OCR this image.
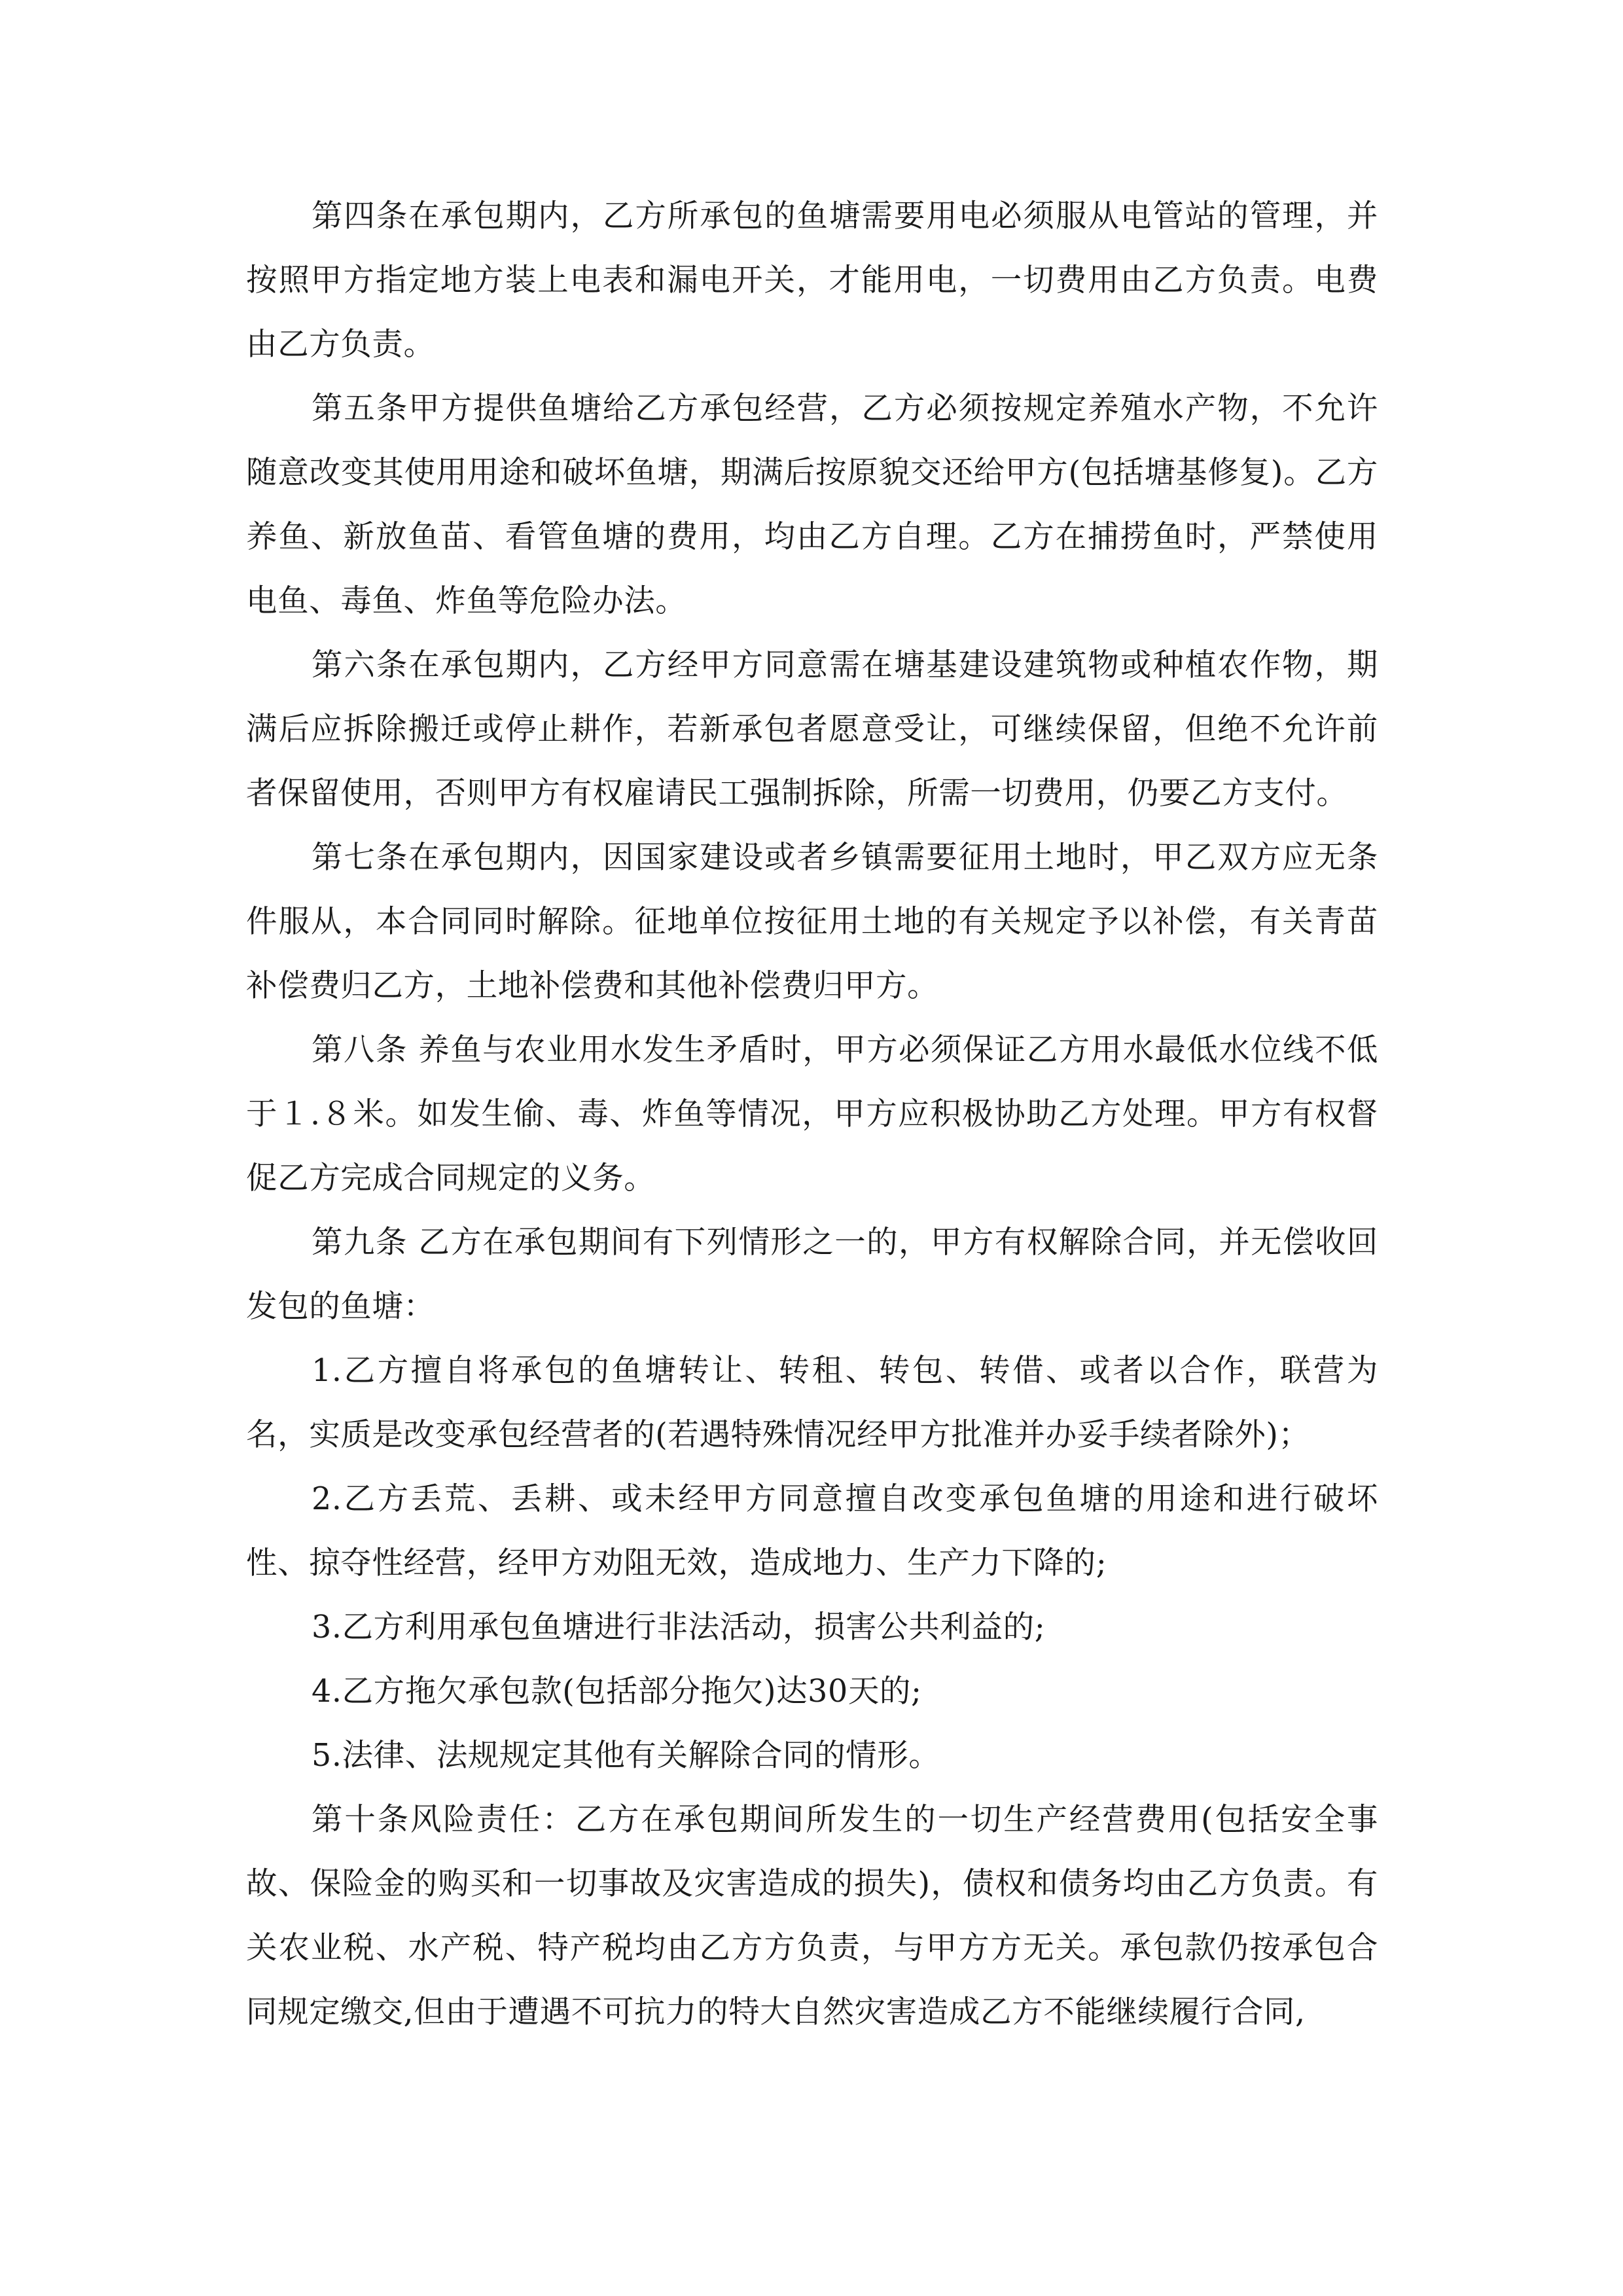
第四条在承包期内，乙方所承包的鱼塘需要用电必须服从电管站的管理，并按照甲方指定地方装上电表和漏电开关，才能用电，一切费用由乙方负责。电费由乙方负责。

第五条甲方提供鱼塘给乙方承包经营，乙方必须按规定养殖水产物，不允许随意改变其使用用途和破坏鱼塘，期满后按原貌交还给甲方(包括塘基修复)。乙方养鱼、新放鱼苗、看管鱼塘的费用，均由乙方自理。乙方在捕捞鱼时，严禁使用电鱼、毒鱼、炸鱼等危险办法。

第六条在承包期内，乙方经甲方同意需在塘基建设建筑物或种植农作物，期满后应拆除搬迁或停止耕作，若新承包者愿意受让，可继续保留，但绝不允许前者保留使用，否则甲方有权雇请民工强制拆除，所需一切费用，仍要乙方支付。

第七条在承包期内，因国家建设或者乡镇需要征用土地时，甲乙双方应无条件服从，本合同同时解除。征地单位按征用土地的有关规定予以补偿，有关青苗补偿费归乙方，土地补偿费和其他补偿费归甲方。

第八条 养鱼与农业用水发生矛盾时，甲方必须保证乙方用水最低水位线不低于１.８米。如发生偷、毒、炸鱼等情况，甲方应积极协助乙方处理。甲方有权督促乙方完成合同规定的义务。

第九条 乙方在承包期间有下列情形之一的，甲方有权解除合同，并无偿收回发包的鱼塘：

1.乙方擅自将承包的鱼塘转让、转租、转包、转借、或者以合作，联营为名，实质是改变承包经营者的(若遇特殊情况经甲方批准并办妥手续者除外)；

2.乙方丢荒、丢耕、或未经甲方同意擅自改变承包鱼塘的用途和进行破坏性、掠夺性经营，经甲方劝阻无效，造成地力、生产力下降的;

3.乙方利用承包鱼塘进行非法活动，损害公共利益的;

4.乙方拖欠承包款(包括部分拖欠)达30天的;

5.法律、法规规定其他有关解除合同的情形。

第十条风险责任：乙方在承包期间所发生的一切生产经营费用(包括安全事故、保险金的购买和一切事故及灾害造成的损失)，债权和债务均由乙方负责。有关农业税、水产税、特产税均由乙方方负责，与甲方方无关。承包款仍按承包合同规定缴交,但由于遭遇不可抗力的特大自然灾害造成乙方不能继续履行合同,
